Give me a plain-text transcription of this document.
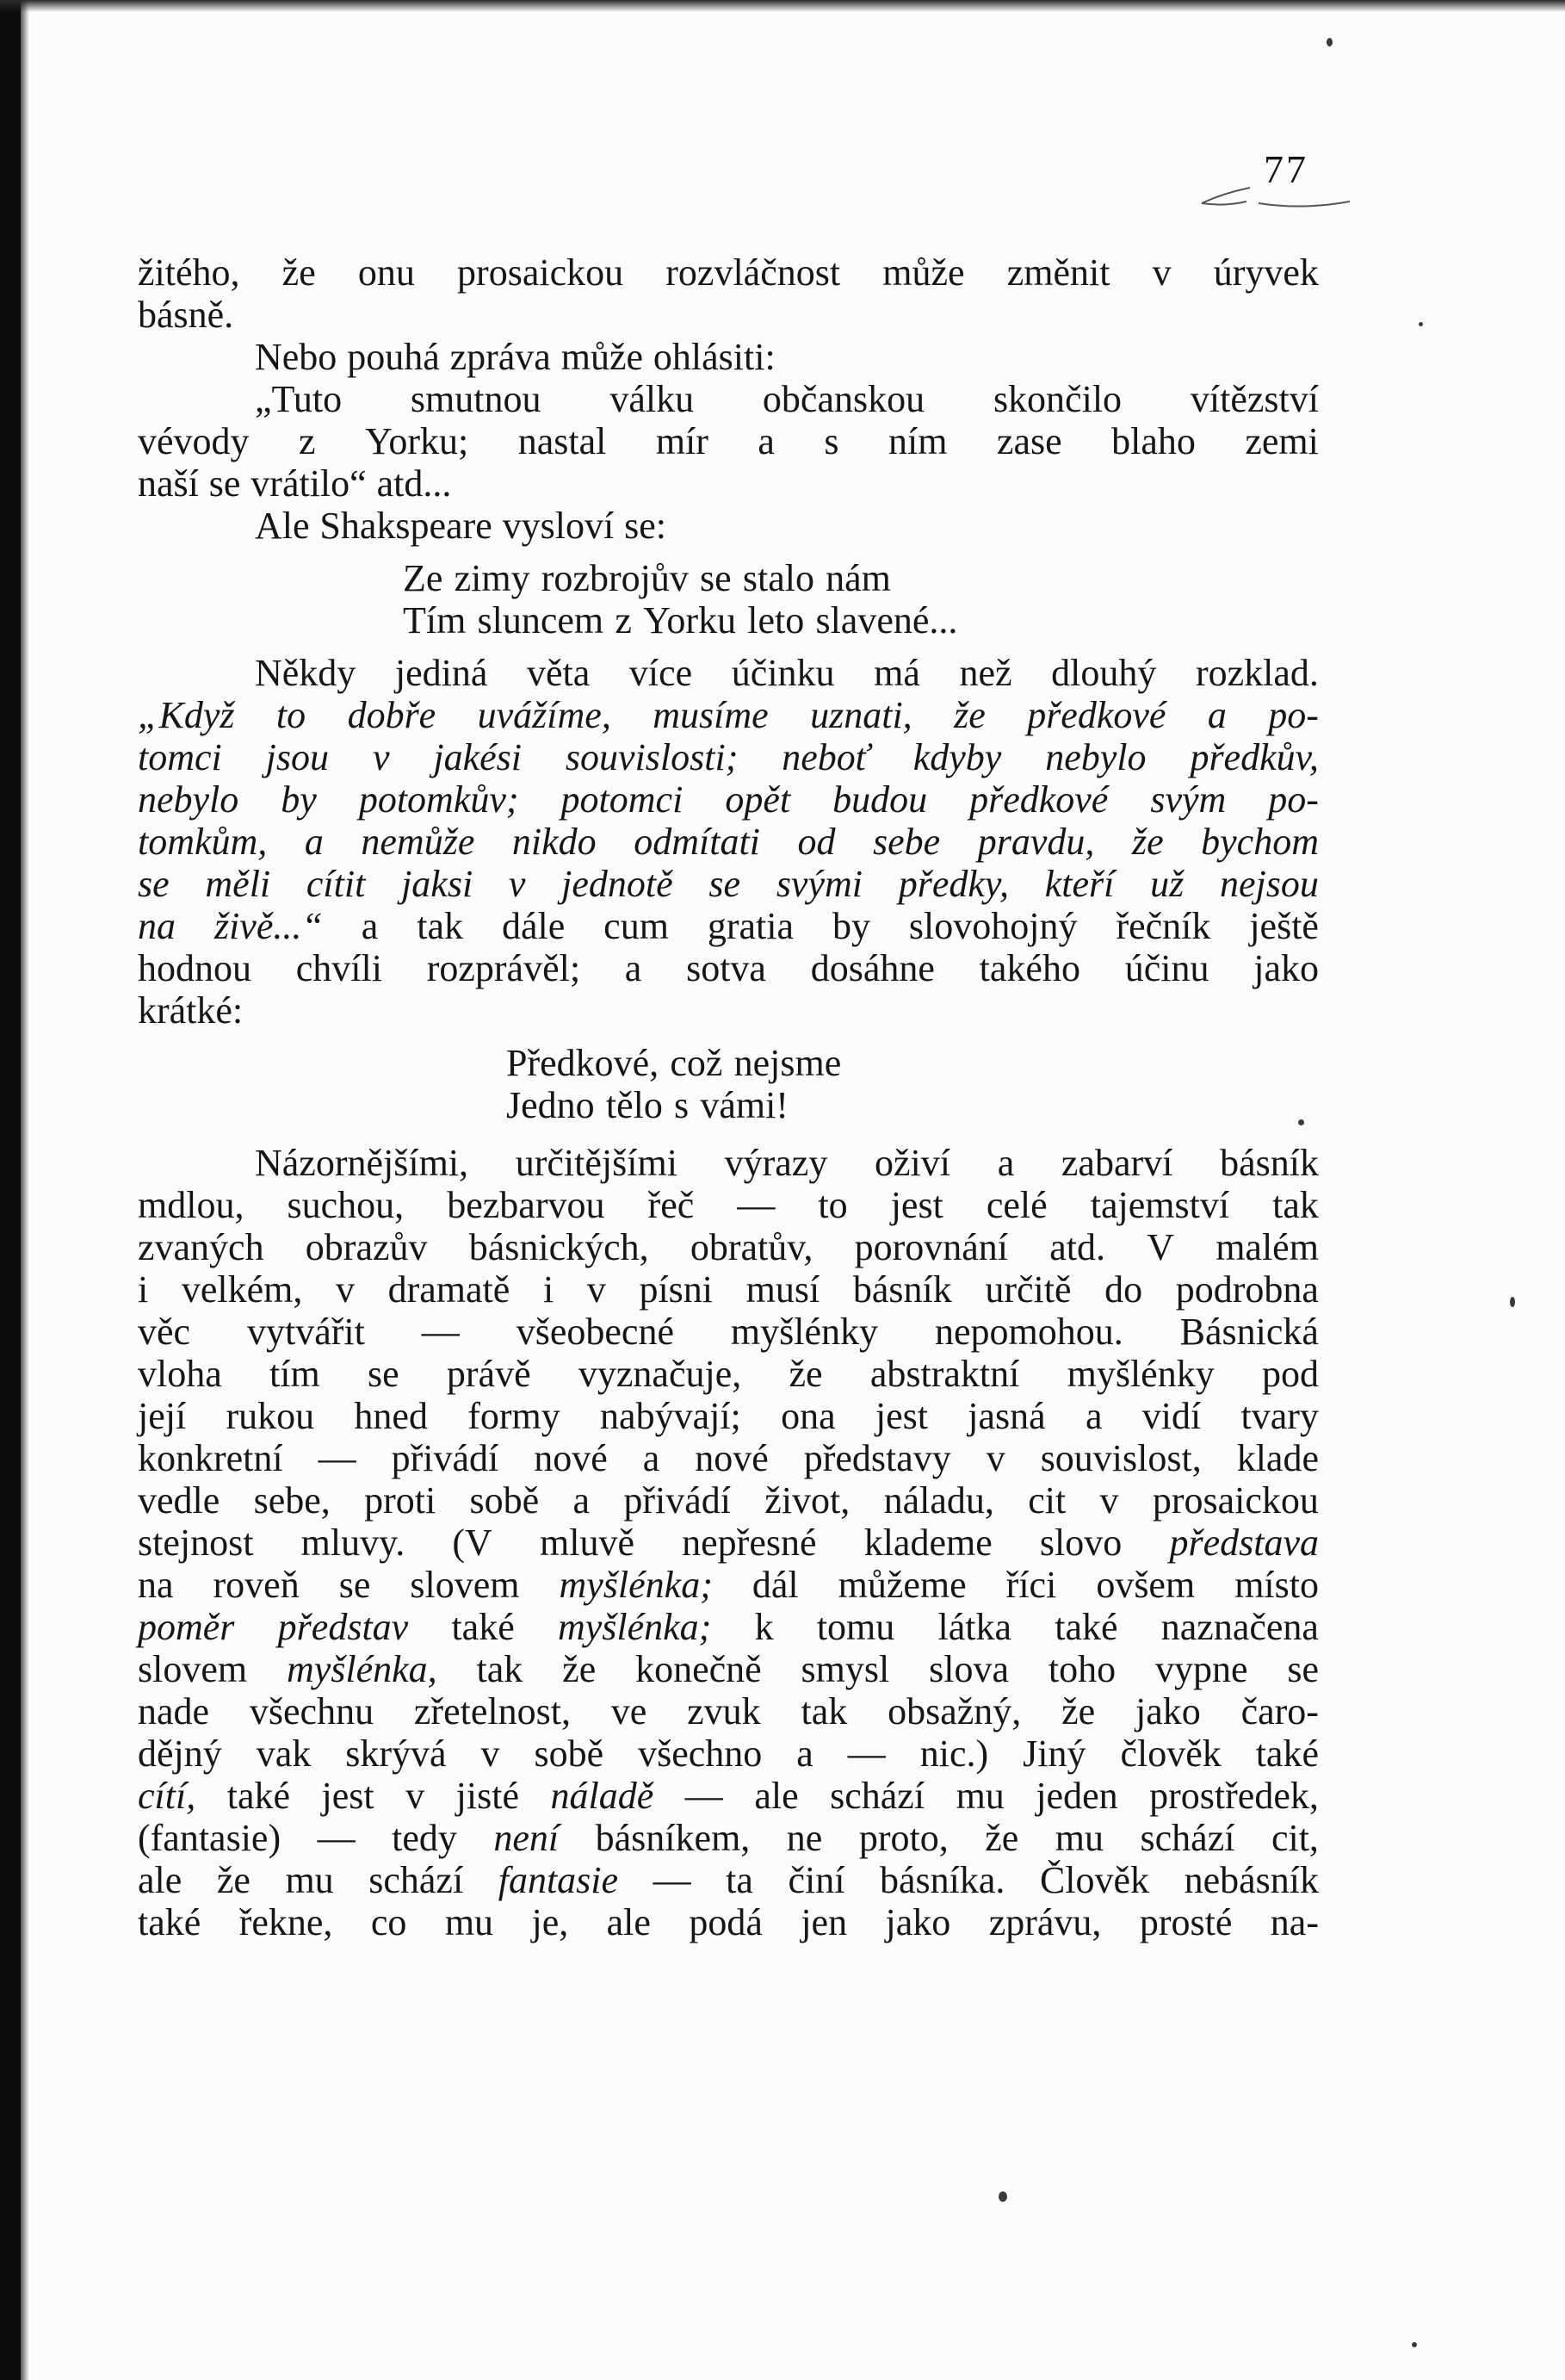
77
žitého, že onu prosaickou rozvláčnost může změnit v úryvek
básně.
Nebo pouhá zpráva může ohlásiti:
„Tuto smutnou válku občanskou skončilo vítězství
vévody z Yorku; nastal mír a s ním zase blaho zemi
naší se vrátilo“ atd...
Ale Shakspeare vysloví se:
Ze zimy rozbrojův se stalo nám
Tím sluncem z Yorku leto slavené...
Někdy jediná věta více účinku má než dlouhý rozklad.
„Když to dobře uvážíme, musíme uznati, že předkové a po-
tomci jsou v jakési souvislosti; neboť kdyby nebylo předkův,
nebylo by potomkův; potomci opět budou předkové svým po-
tomkům, a nemůže nikdo odmítati od sebe pravdu, že bychom
se měli cítit jaksi v jednotě se svými předky, kteří už nejsou
na živě...“ a tak dále cum gratia by slovohojný řečník ještě
hodnou chvíli rozprávěl; a sotva dosáhne takého účinu jako
krátké:
Předkové, což nejsme
Jedno tělo s vámi!
Názornějšími, určitějšími výrazy oživí a zabarví básník
mdlou, suchou, bezbarvou řeč — to jest celé tajemství tak
zvaných obrazův básnických, obratův, porovnání atd. V malém
i velkém, v dramatě i v písni musí básník určitě do podrobna
věc vytvářit — všeobecné myšlénky nepomohou. Básnická
vloha tím se právě vyznačuje, že abstraktní myšlénky pod
její rukou hned formy nabývají; ona jest jasná a vidí tvary
konkretní — přivádí nové a nové představy v souvislost, klade
vedle sebe, proti sobě a přivádí život, náladu, cit v prosaickou
stejnost mluvy. (V mluvě nepřesné klademe slovo představa
na roveň se slovem myšlénka; dál můžeme říci ovšem místo
poměr představ také myšlénka; k tomu látka také naznačena
slovem myšlénka, tak že konečně smysl slova toho vypne se
nade všechnu zřetelnost, ve zvuk tak obsažný, že jako čaro-
dějný vak skrývá v sobě všechno a — nic.) Jiný člověk také
cítí, také jest v jisté náladě — ale schází mu jeden prostředek,
(fantasie) — tedy není básníkem, ne proto, že mu schází cit,
ale že mu schází fantasie — ta činí básníka. Člověk nebásník
také řekne, co mu je, ale podá jen jako zprávu, prosté na-
